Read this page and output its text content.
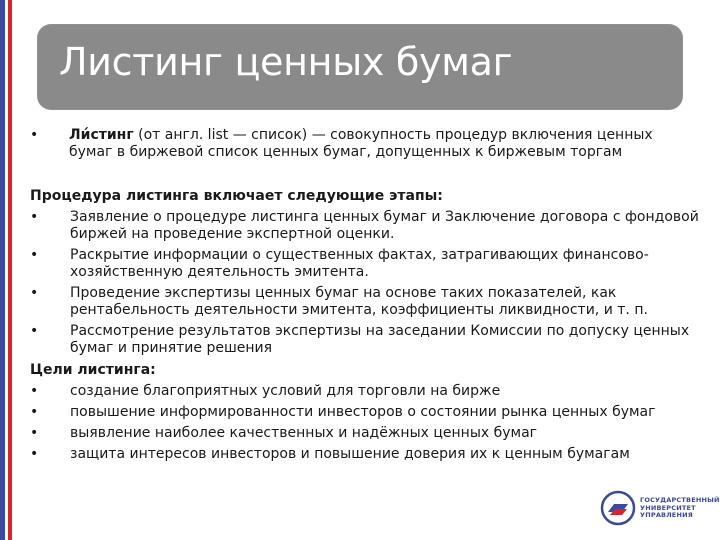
Листинг ценных бумаг
• Ли́стинг (от англ. list — список) — совокупность процедур включения ценных бумаг в биржевой список ценных бумаг, допущенных к биржевым торгам
Процедура листинга включает следующие этапы:
• Заявление о процедуре листинга ценных бумаг и Заключение договора с фондовой биржей на проведение экспертной оценки.
• Раскрытие информации о существенных фактах, затрагивающих финансово-хозяйственную деятельность эмитента.
• Проведение экспертизы ценных бумаг на основе таких показателей, как рентабельность деятельности эмитента, коэффициенты ликвидности, и т. п.
• Рассмотрение результатов экспертизы на заседании Комиссии по допуску ценных бумаг и принятие решения
Цели листинга:
• создание благоприятных условий для торговли на бирже
• повышение информированности инвесторов о состоянии рынка ценных бумаг
• выявление наиболее качественных и надёжных ценных бумаг
• защита интересов инвесторов и повышение доверия их к ценным бумагам
ГОСУДАРСТВЕННЫЙ
УНИВЕРСИТЕТ
УПРАВЛЕНИЯ
